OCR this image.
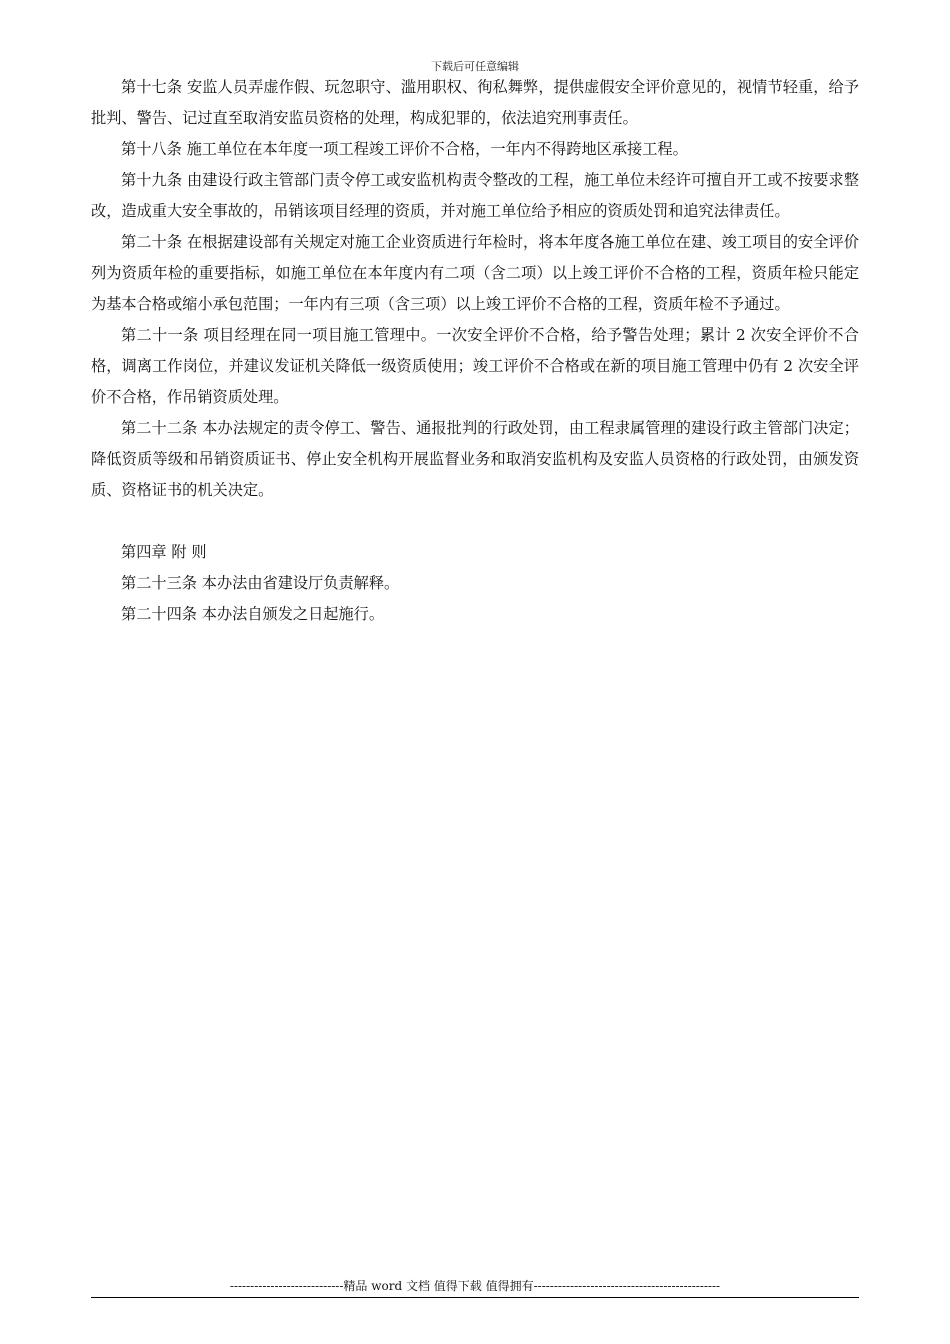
下载后可任意编辑

第十七条 安监人员弄虚作假、玩忽职守、滥用职权、徇私舞弊，提供虚假安全评价意见的，视情节轻重，给予批判、警告、记过直至取消安监员资格的处理，构成犯罪的，依法追究刑事责任。

第十八条 施工单位在本年度一项工程竣工评价不合格，一年内不得跨地区承接工程。

第十九条 由建设行政主管部门责令停工或安监机构责令整改的工程，施工单位未经许可擅自开工或不按要求整改，造成重大安全事故的，吊销该项目经理的资质，并对施工单位给予相应的资质处罚和追究法律责任。

第二十条 在根据建设部有关规定对施工企业资质进行年检时，将本年度各施工单位在建、竣工项目的安全评价列为资质年检的重要指标，如施工单位在本年度内有二项（含二项）以上竣工评价不合格的工程，资质年检只能定为基本合格或缩小承包范围；一年内有三项（含三项）以上竣工评价不合格的工程，资质年检不予通过。

第二十一条 项目经理在同一项目施工管理中。一次安全评价不合格，给予警告处理；累计 2 次安全评价不合格，调离工作岗位，并建议发证机关降低一级资质使用；竣工评价不合格或在新的项目施工管理中仍有 2 次安全评价不合格，作吊销资质处理。

第二十二条 本办法规定的责令停工、警告、通报批判的行政处罚，由工程隶属管理的建设行政主管部门决定；降低资质等级和吊销资质证书、停止安全机构开展监督业务和取消安监机构及安监人员资格的行政处罚，由颁发资质、资格证书的机关决定。

第四章 附 则

第二十三条 本办法由省建设厅负责解释。

第二十四条 本办法自颁发之日起施行。

----------------------------精品 word 文档 值得下载 值得拥有----------------------------------------------
